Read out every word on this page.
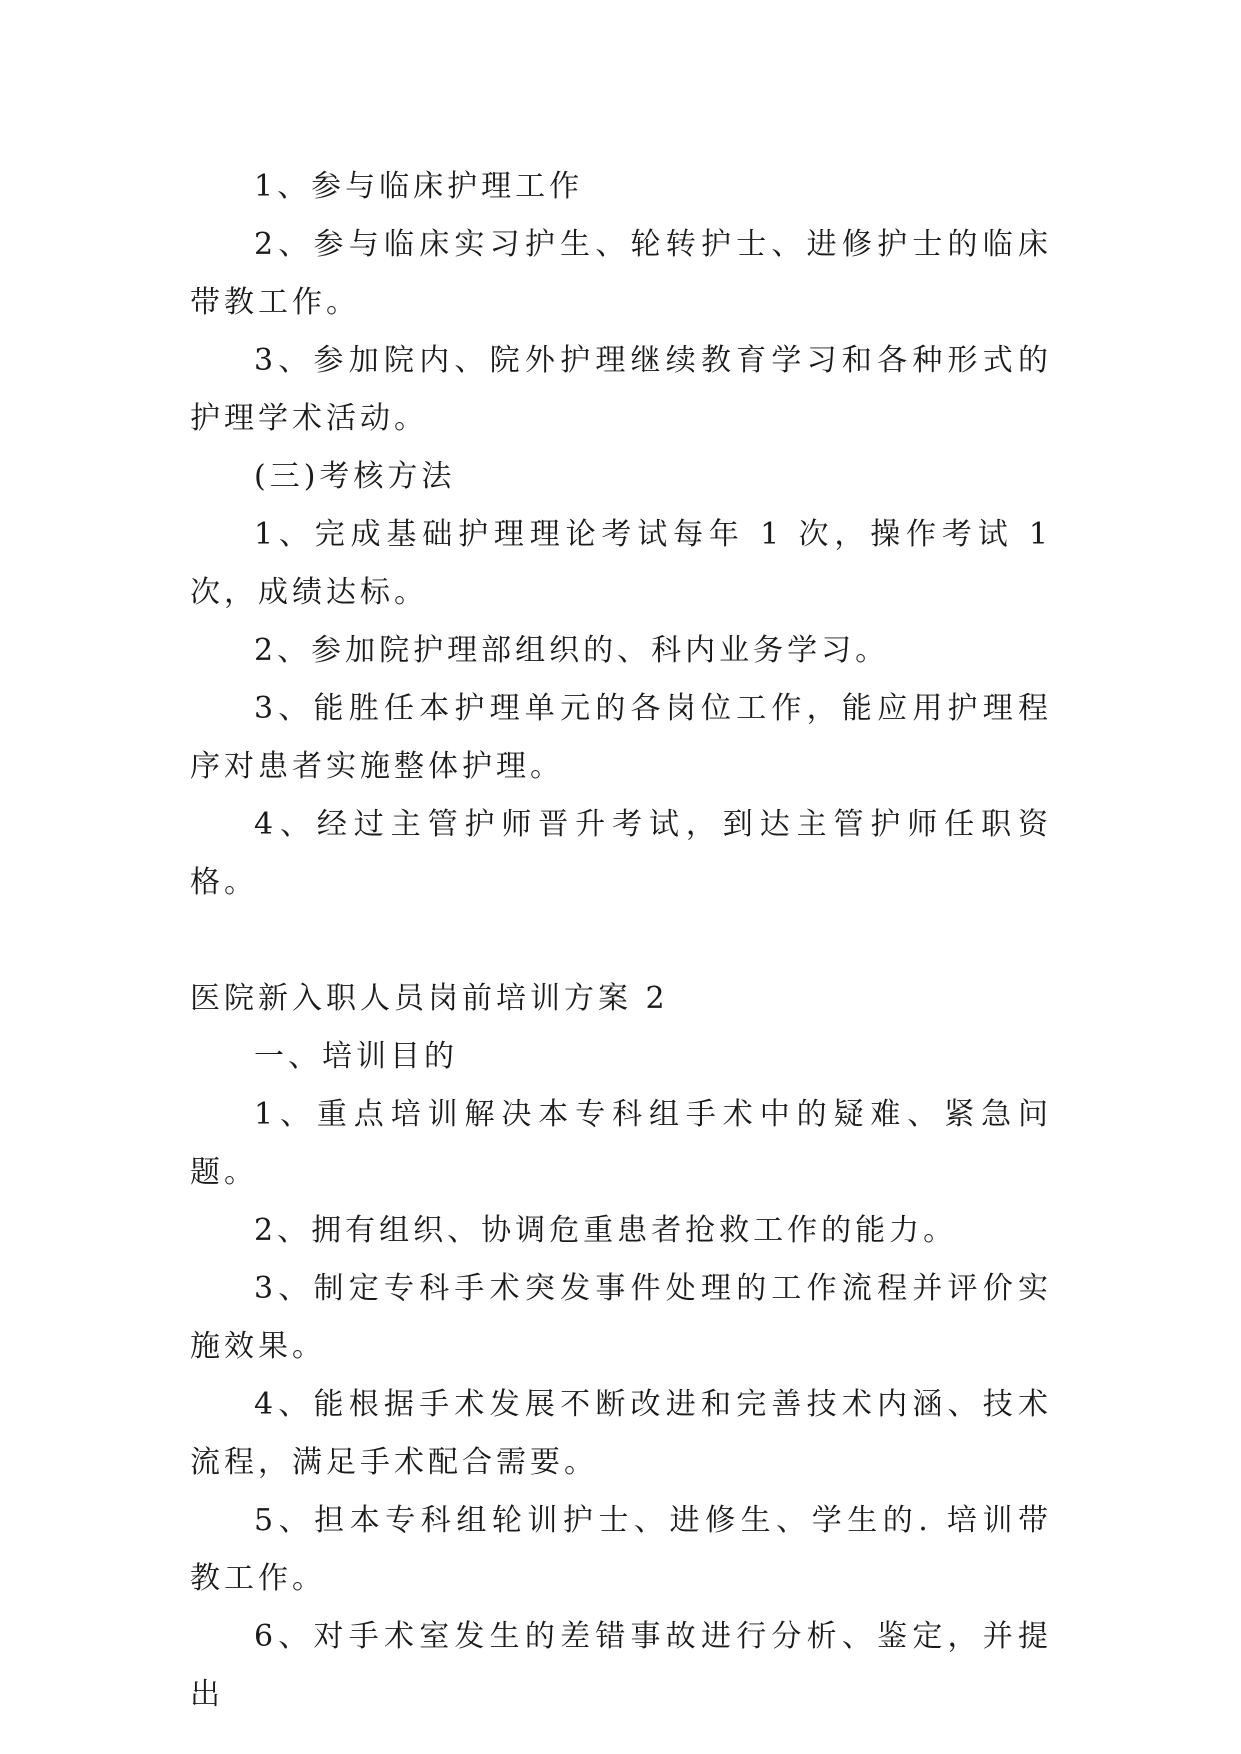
1、参与临床护理工作

2、参与临床实习护生、轮转护士、进修护士的临床带教工作。

3、参加院内、院外护理继续教育学习和各种形式的护理学术活动。

(三)考核方法

1、完成基础护理理论考试每年 1 次，操作考试 1 次，成绩达标。

2、参加院护理部组织的、科内业务学习。

3、能胜任本护理单元的各岗位工作，能应用护理程序对患者实施整体护理。

4、经过主管护师晋升考试，到达主管护师任职资格。

医院新入职人员岗前培训方案 2

一、培训目的

1、重点培训解决本专科组手术中的疑难、紧急问题。

2、拥有组织、协调危重患者抢救工作的能力。

3、制定专科手术突发事件处理的工作流程并评价实施效果。

4、能根据手术发展不断改进和完善技术内涵、技术流程，满足手术配合需要。

5、担本专科组轮训护士、进修生、学生的. 培训带教工作。

6、对手术室发生的差错事故进行分析、鉴定，并提出
